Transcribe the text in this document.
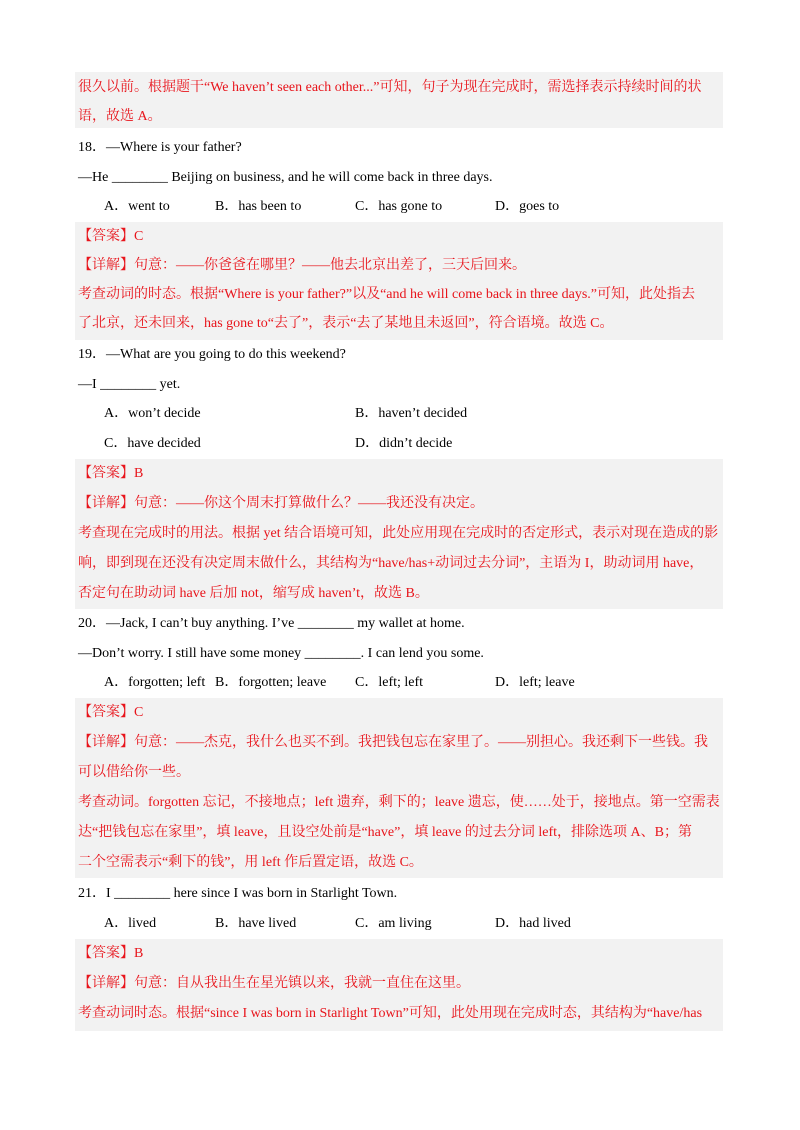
很久以前。根据题干“We haven’t seen each other...”可知，句子为现在完成时，需选择表示持续时间的状
语，故选 A。
18．—Where is your father?
—He ________ Beijing on business, and he will come back in three days.
A．went to	B．has been to	C．has gone to	D．goes to
【答案】C
【详解】句意：——你爸爸在哪里？——他去北京出差了，三天后回来。
考查动词的时态。根据“Where is your father?”以及“and he will come back in three days.”可知，此处指去
了北京，还未回来，has gone to“去了”，表示“去了某地且未返回”，符合语境。故选 C。
19．—What are you going to do this weekend?
—I ________ yet.
A．won’t decide	B．haven’t decided
C．have decided	D．didn’t decide
【答案】B
【详解】句意：——你这个周末打算做什么？——我还没有决定。
考查现在完成时的用法。根据 yet 结合语境可知，此处应用现在完成时的否定形式，表示对现在造成的影
响，即到现在还没有决定周末做什么，其结构为“have/has+动词过去分词”，主语为 I，助动词用 have，
否定句在助动词 have 后加 not，缩写成 haven’t，故选 B。
20．—Jack, I can’t buy anything. I’ve ________ my wallet at home.
—Don’t worry. I still have some money ________. I can lend you some.
A．forgotten; left B．forgotten; leave C．left; left	D．left; leave
【答案】C
【详解】句意：——杰克，我什么也买不到。我把钱包忘在家里了。——别担心。我还剩下一些钱。我
可以借给你一些。
考查动词。forgotten 忘记，不接地点；left 遗弃，剩下的；leave 遗忘，使……处于，接地点。第一空需表
达“把钱包忘在家里”，填 leave，且设空处前是“have”，填 leave 的过去分词 left，排除选项 A、B；第
二个空需表示“剩下的钱”，用 left 作后置定语，故选 C。
21．I ________ here since I was born in Starlight Town.
A．lived	B．have lived	C．am living	D．had lived
【答案】B
【详解】句意：自从我出生在星光镇以来，我就一直住在这里。
考查动词时态。根据“since I was born in Starlight Town”可知，此处用现在完成时态，其结构为“have/has
